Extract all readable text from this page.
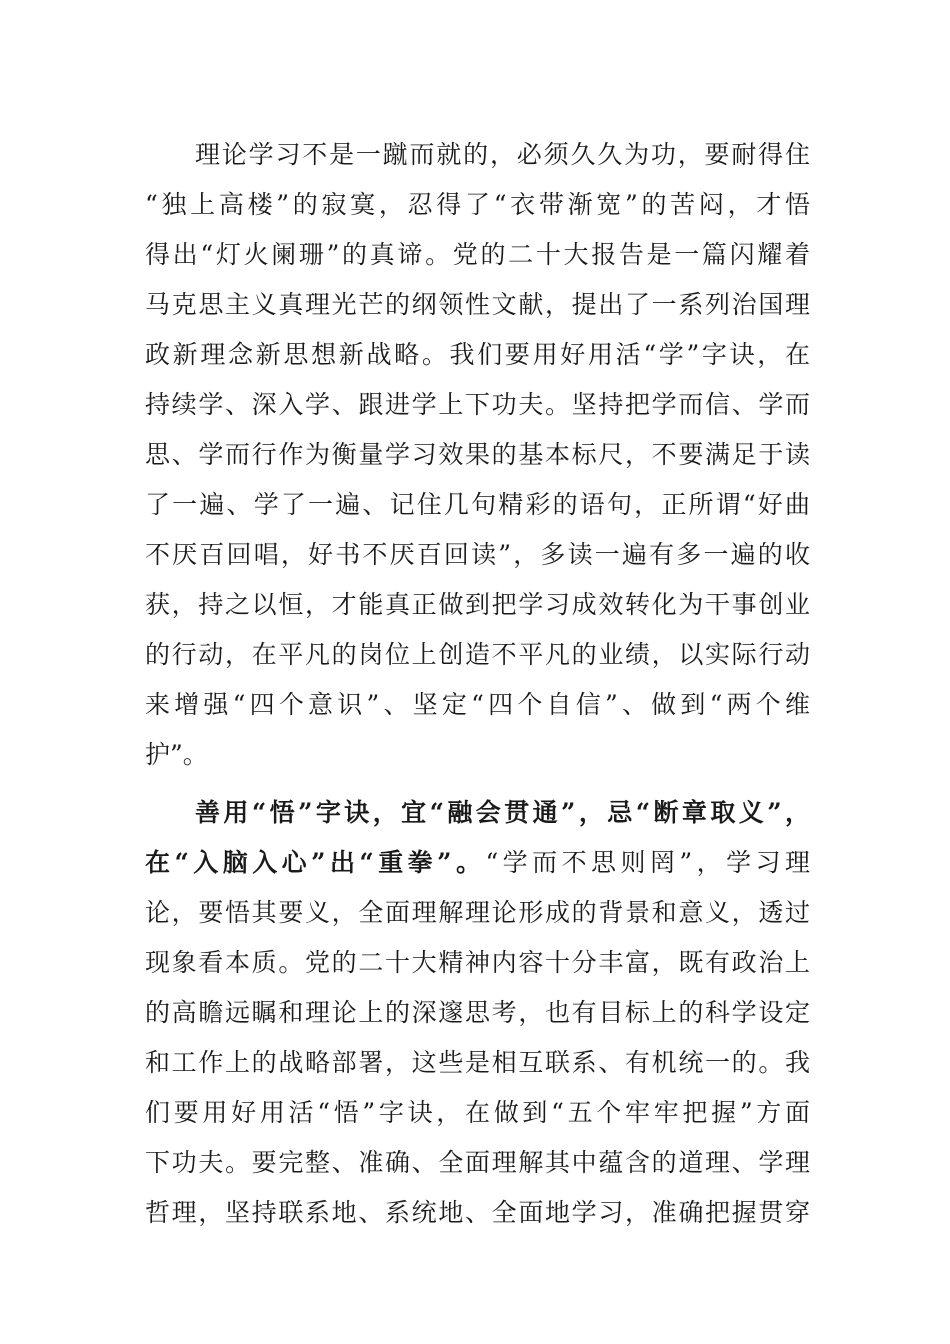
理论学习不是一蹴而就的，必须久久为功，要耐得住
“独上高楼”的寂寞，忍得了“衣带渐宽”的苦闷，才悟
得出“灯火阑珊”的真谛。党的二十大报告是一篇闪耀着
马克思主义真理光芒的纲领性文献，提出了一系列治国理
政新理念新思想新战略。我们要用好用活“学”字诀，在
持续学、深入学、跟进学上下功夫。坚持把学而信、学而
思、学而行作为衡量学习效果的基本标尺，不要满足于读
了一遍、学了一遍、记住几句精彩的语句，正所谓“好曲
不厌百回唱，好书不厌百回读”，多读一遍有多一遍的收
获，持之以恒，才能真正做到把学习成效转化为干事创业
的行动，在平凡的岗位上创造不平凡的业绩，以实际行动
来增强“四个意识”、坚定“四个自信”、做到“两个维
护”。
善用“悟”字诀，宜“融会贯通”，忌“断章取义”，
在“入脑入心”出“重拳”。“学而不思则罔”，学习理
论，要悟其要义，全面理解理论形成的背景和意义，透过
现象看本质。党的二十大精神内容十分丰富，既有政治上
的高瞻远瞩和理论上的深邃思考，也有目标上的科学设定
和工作上的战略部署，这些是相互联系、有机统一的。我
们要用好用活“悟”字诀，在做到“五个牢牢把握”方面
下功夫。要完整、准确、全面理解其中蕴含的道理、学理
哲理，坚持联系地、系统地、全面地学习，准确把握贯穿
